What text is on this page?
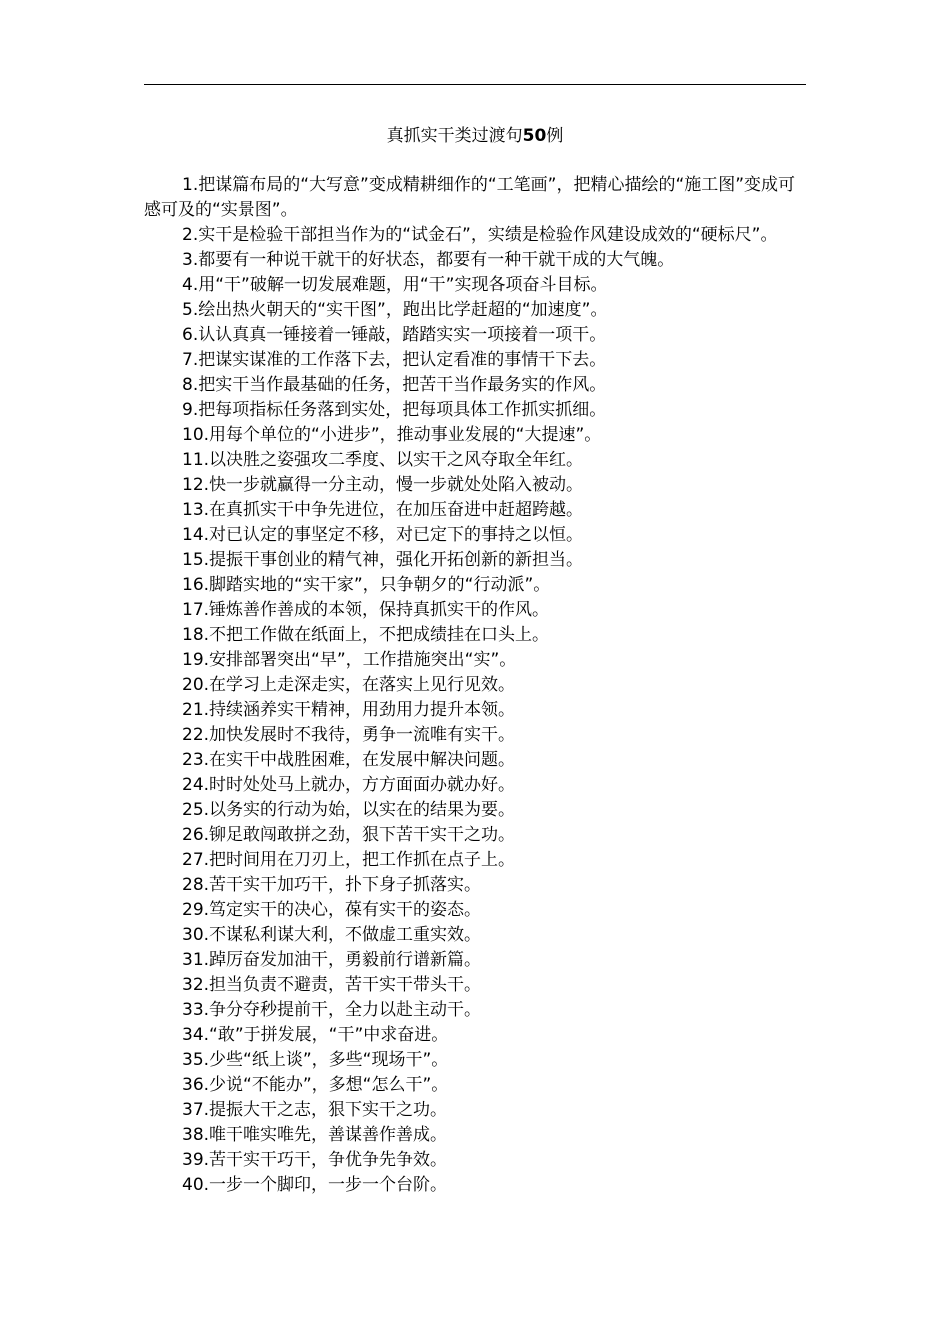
真抓实干类过渡句50例

1.把谋篇布局的“大写意”变成精耕细作的“工笔画”，把精心描绘的“施工图”变成可感可及的“实景图”。

2.实干是检验干部担当作为的“试金石”，实绩是检验作风建设成效的“硬标尺”。

3.都要有一种说干就干的好状态，都要有一种干就干成的大气魄。

4.用“干”破解一切发展难题，用“干”实现各项奋斗目标。

5.绘出热火朝天的“实干图”，跑出比学赶超的“加速度”。

6.认认真真一锤接着一锤敲，踏踏实实一项接着一项干。

7.把谋实谋准的工作落下去，把认定看准的事情干下去。

8.把实干当作最基础的任务，把苦干当作最务实的作风。

9.把每项指标任务落到实处，把每项具体工作抓实抓细。

10.用每个单位的“小进步”，推动事业发展的“大提速”。

11.以决胜之姿强攻二季度、以实干之风夺取全年红。

12.快一步就赢得一分主动，慢一步就处处陷入被动。

13.在真抓实干中争先进位，在加压奋进中赶超跨越。

14.对已认定的事坚定不移，对已定下的事持之以恒。

15.提振干事创业的精气神，强化开拓创新的新担当。

16.脚踏实地的“实干家”，只争朝夕的“行动派”。

17.锤炼善作善成的本领，保持真抓实干的作风。

18.不把工作做在纸面上，不把成绩挂在口头上。

19.安排部署突出“早”，工作措施突出“实”。

20.在学习上走深走实，在落实上见行见效。

21.持续涵养实干精神，用劲用力提升本领。

22.加快发展时不我待，勇争一流唯有实干。

23.在实干中战胜困难，在发展中解决问题。

24.时时处处马上就办，方方面面办就办好。

25.以务实的行动为始，以实在的结果为要。

26.铆足敢闯敢拼之劲，狠下苦干实干之功。

27.把时间用在刀刃上，把工作抓在点子上。

28.苦干实干加巧干，扑下身子抓落实。

29.笃定实干的决心，葆有实干的姿态。

30.不谋私利谋大利，不做虚工重实效。

31.踔厉奋发加油干，勇毅前行谱新篇。

32.担当负责不避责，苦干实干带头干。

33.争分夺秒提前干，全力以赴主动干。

34.“敢”于拼发展，“干”中求奋进。

35.少些“纸上谈”，多些“现场干”。

36.少说“不能办”，多想“怎么干”。

37.提振大干之志，狠下实干之功。

38.唯干唯实唯先，善谋善作善成。

39.苦干实干巧干，争优争先争效。

40.一步一个脚印，一步一个台阶。
